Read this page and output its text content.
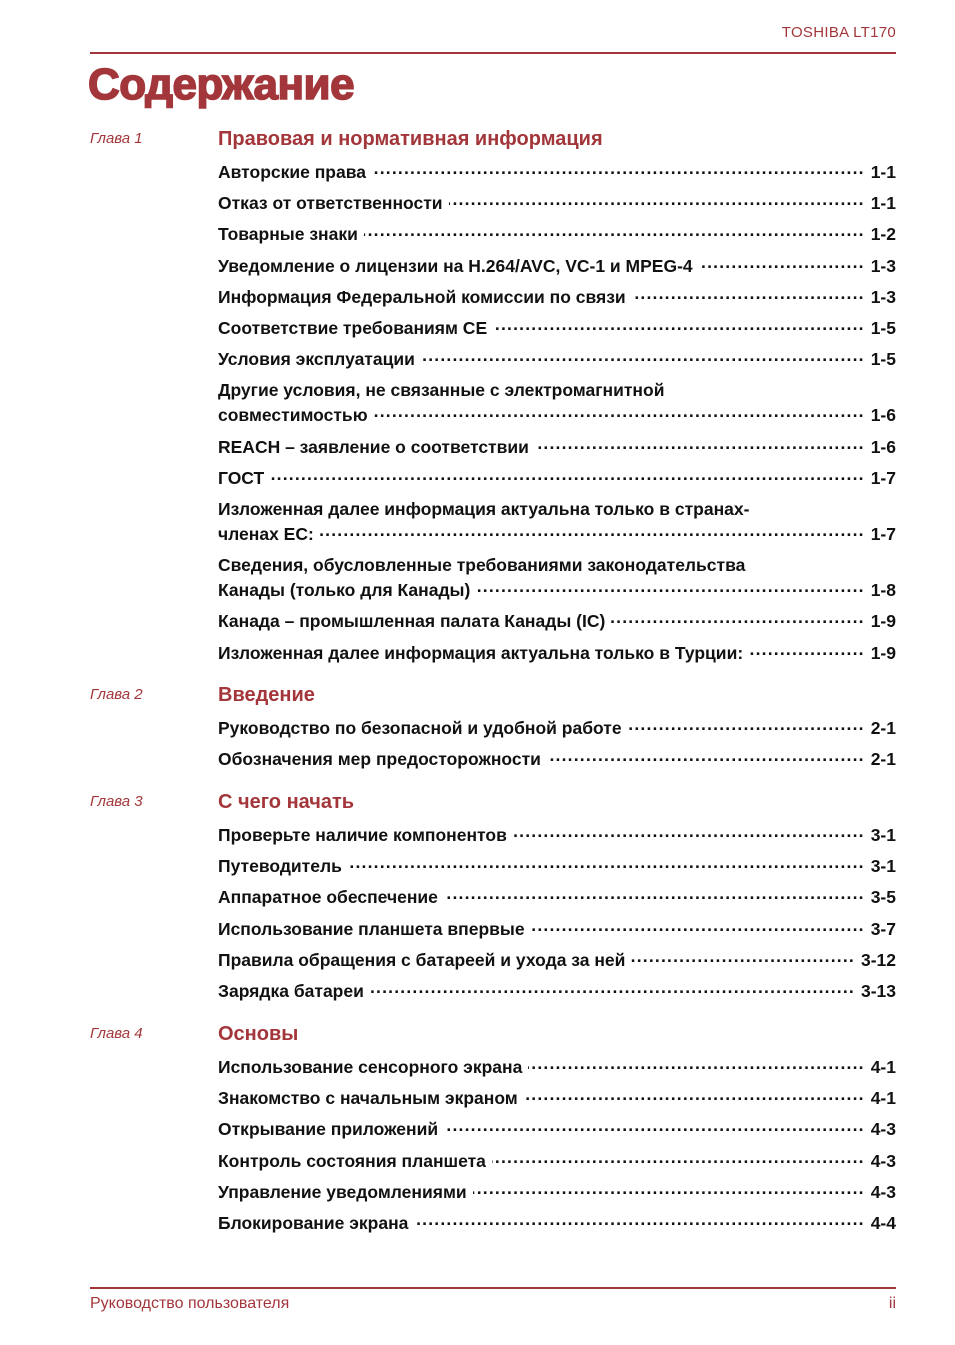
TOSHIBA LT170
Содержание
Глава 1	Правовая и нормативная информация
Авторские права .....	1-1
Отказ от ответственности .....	1-1
Товарные знаки .....	1-2
Уведомление о лицензии на H.264/AVC, VC-1 и MPEG-4 .....	1-3
Информация Федеральной комиссии по связи .....	1-3
Соответствие требованиям CE .....	1-5
Условия эксплуатации .....	1-5
Другие условия, не связанные с электромагнитной
совместимостью .....	1-6
REACH – заявление о соответствии .....	1-6
ГОСТ .....	1-7
Изложенная далее информация актуальна только в странах-
членах ЕС: .....	1-7
Сведения, обусловленные требованиями законодательства
Канады (только для Канады) .....	1-8
Канада – промышленная палата Канады (IC) .....	1-9
Изложенная далее информация актуальна только в Турции: .....	1-9
Глава 2	Введение
Руководство по безопасной и удобной работе .....	2-1
Обозначения мер предосторожности .....	2-1
Глава 3	С чего начать
Проверьте наличие компонентов .....	3-1
Путеводитель .....	3-1
Аппаратное обеспечение .....	3-5
Использование планшета впервые .....	3-7
Правила обращения с батареей и ухода за ней .....	3-12
Зарядка батареи .....	3-13
Глава 4	Основы
Использование сенсорного экрана .....	4-1
Знакомство с начальным экраном .....	4-1
Открывание приложений .....	4-3
Контроль состояния планшета .....	4-3
Управление уведомлениями .....	4-3
Блокирование экрана .....	4-4
Руководство пользователя	ii
